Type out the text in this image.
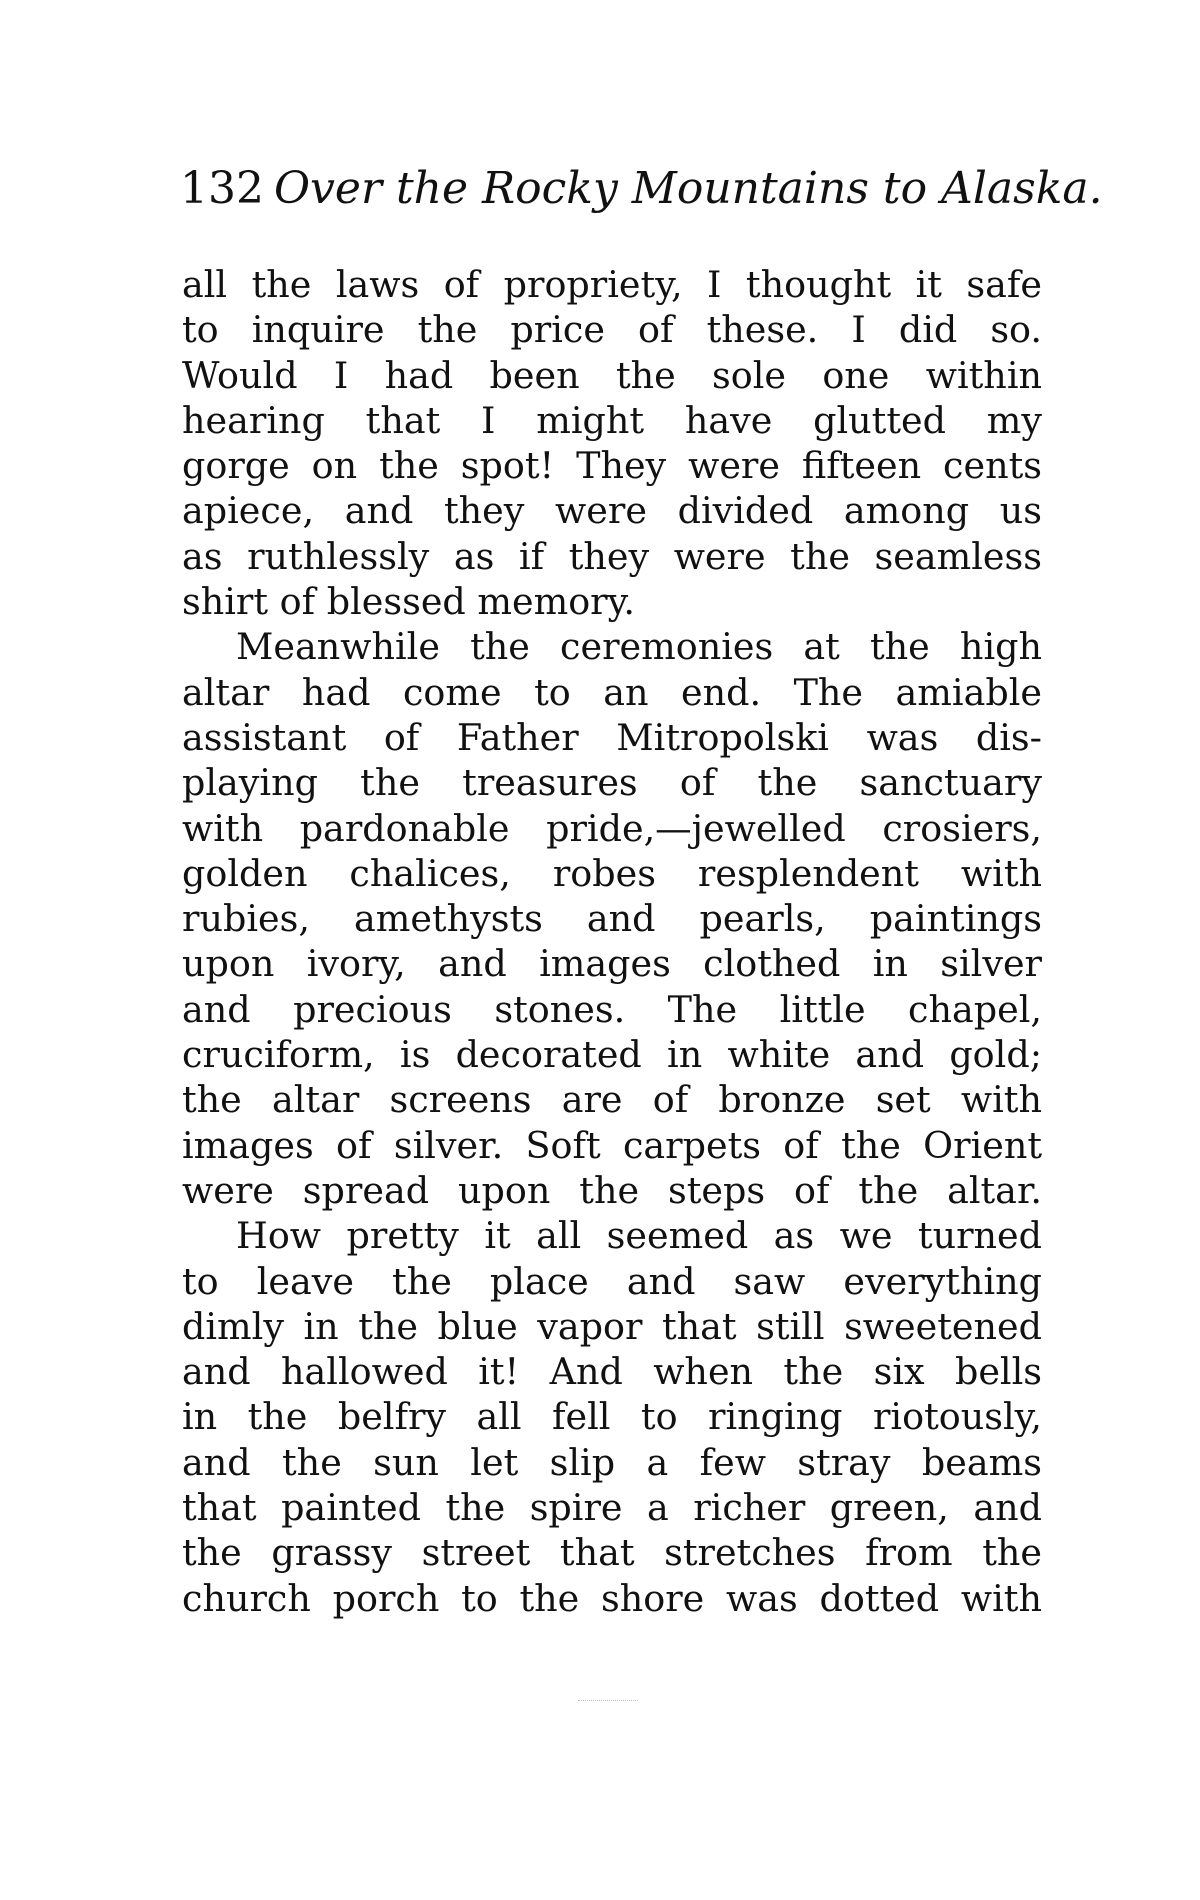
132 Over the Rocky Mountains to Alaska.
all the laws of propriety, I thought it safe
to inquire the price of these. I did so.
Would I had been the sole one within
hearing that I might have glutted my
gorge on the spot! They were fifteen cents
apiece, and they were divided among us
as ruthlessly as if they were the seamless
shirt of blessed memory.
Meanwhile the ceremonies at the high
altar had come to an end. The amiable
assistant of Father Mitropolski was dis-
playing the treasures of the sanctuary
with pardonable pride,—jewelled crosiers,
golden chalices, robes resplendent with
rubies, amethysts and pearls, paintings
upon ivory, and images clothed in silver
and precious stones. The little chapel,
cruciform, is decorated in white and gold;
the altar screens are of bronze set with
images of silver. Soft carpets of the Orient
were spread upon the steps of the altar.
How pretty it all seemed as we turned
to leave the place and saw everything
dimly in the blue vapor that still sweetened
and hallowed it! And when the six bells
in the belfry all fell to ringing riotously,
and the sun let slip a few stray beams
that painted the spire a richer green, and
the grassy street that stretches from the
church porch to the shore was dotted with
